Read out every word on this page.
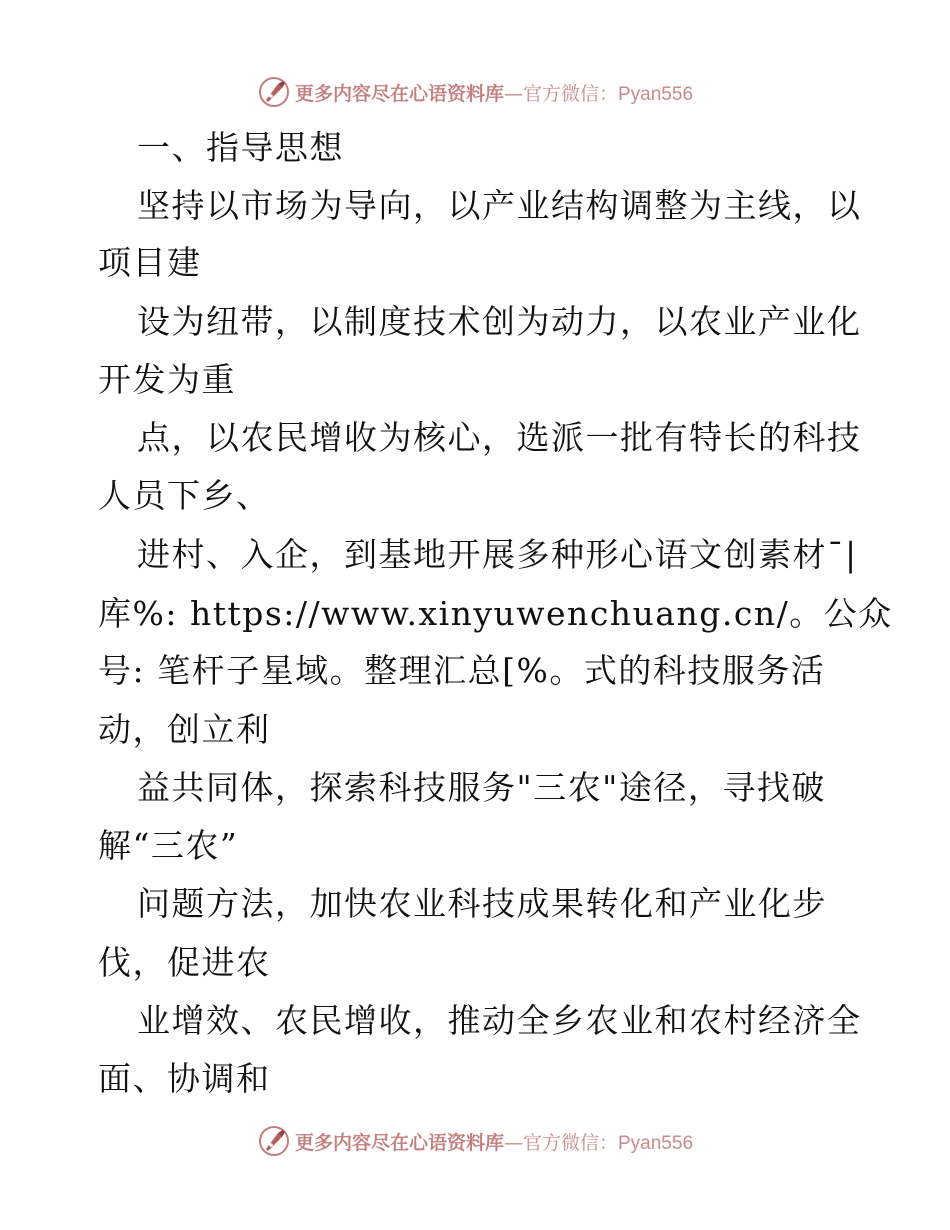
更多内容尽在心语资料库—官方微信：Pyan556
一、指导思想
坚持以市场为导向，以产业结构调整为主线，以
项目建
设为纽带，以制度技术创为动力，以农业产业化
开发为重
点，以农民增收为核心，选派一批有特长的科技
人员下乡、
进村、入企，到基地开展多种形心语文创素材¯|
库%: https://www.xinyuwenchuang.cn/。公众
号: 笔杆子星域。整理汇总[%。式的科技服务活
动，创立利
益共同体，探索科技服务"三农"途径，寻找破
解“三农”
问题方法，加快农业科技成果转化和产业化步
伐，促进农
业增效、农民增收，推动全乡农业和农村经济全
面、协调和
更多内容尽在心语资料库—官方微信：Pyan556
